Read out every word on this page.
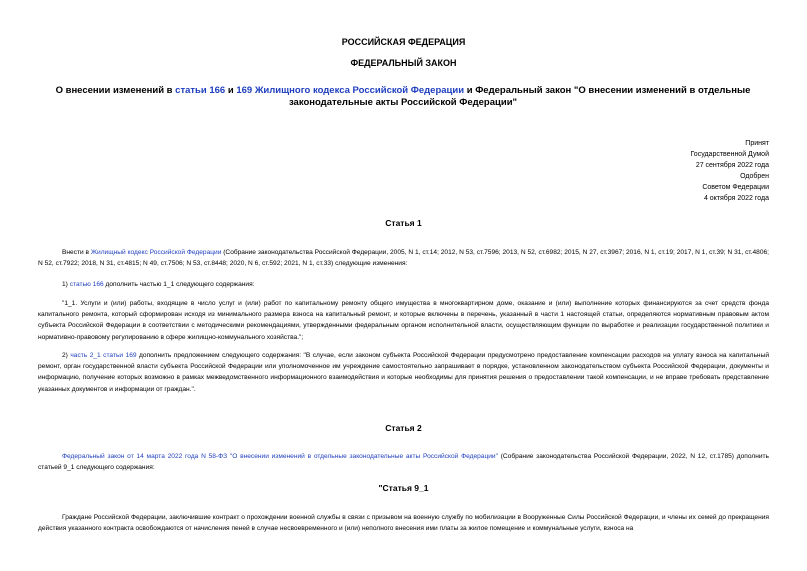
РОССИЙСКАЯ ФЕДЕРАЦИЯ
ФЕДЕРАЛЬНЫЙ ЗАКОН
О внесении изменений в статьи 166 и 169 Жилищного кодекса Российской Федерации и Федеральный закон "О внесении изменений в отдельные законодательные акты Российской Федерации"
Принят
Государственной Думой
27 сентября 2022 года
Одобрен
Советом Федерации
4 октября 2022 года
Статья 1
Внести в Жилищный кодекс Российской Федерации (Собрание законодательства Российской Федерации, 2005, N 1, ст.14; 2012, N 53, ст.7596; 2013, N 52, ст.6982; 2015, N 27, ст.3967; 2016, N 1, ст.19; 2017, N 1, ст.39; N 31, ст.4806; N 52, ст.7922; 2018, N 31, ст.4815; N 49, ст.7506; N 53, ст.8448; 2020, N 6, ст.592; 2021, N 1, ст.33) следующие изменения:
1) статью 166 дополнить частью 1_1 следующего содержания:
"1_1. Услуги и (или) работы, входящие в число услуг и (или) работ по капитальному ремонту общего имущества в многоквартирном доме, оказание и (или) выполнение которых финансируются за счет средств фонда капитального ремонта, который сформирован исходя из минимального размера взноса на капитальный ремонт, и которые включены в перечень, указанный в части 1 настоящей статьи, определяются нормативным правовым актом субъекта Российской Федерации в соответствии с методическими рекомендациями, утвержденными федеральным органом исполнительной власти, осуществляющим функции по выработке и реализации государственной политики и нормативно-правовому регулированию в сфере жилищно-коммунального хозяйства.";
2) часть 2_1 статьи 169 дополнить предложением следующего содержания: "В случае, если законом субъекта Российской Федерации предусмотрено предоставление компенсации расходов на уплату взноса на капитальный ремонт, орган государственной власти субъекта Российской Федерации или уполномоченное им учреждение самостоятельно запрашивает в порядке, установленном законодательством субъекта Российской Федерации, документы и информацию, получение которых возможно в рамках межведомственного информационного взаимодействия и которые необходимы для принятия решения о предоставлении такой компенсации, и не вправе требовать представление указанных документов и информации от граждан.".
Статья 2
Федеральный закон от 14 марта 2022 года N 58-ФЗ "О внесении изменений в отдельные законодательные акты Российской Федерации" (Собрание законодательства Российской Федерации, 2022, N 12, ст.1785) дополнить статьей 9_1 следующего содержания:
"Статья 9_1
Граждане Российской Федерации, заключившие контракт о прохождении военной службы в связи с призывом на военную службу по мобилизации в Вооруженные Силы Российской Федерации, и члены их семей до прекращения действия указанного контракта освобождаются от начисления пеней в случае несвоевременного и (или) неполного внесения ими платы за жилое помещение и коммунальные услуги, взноса на
